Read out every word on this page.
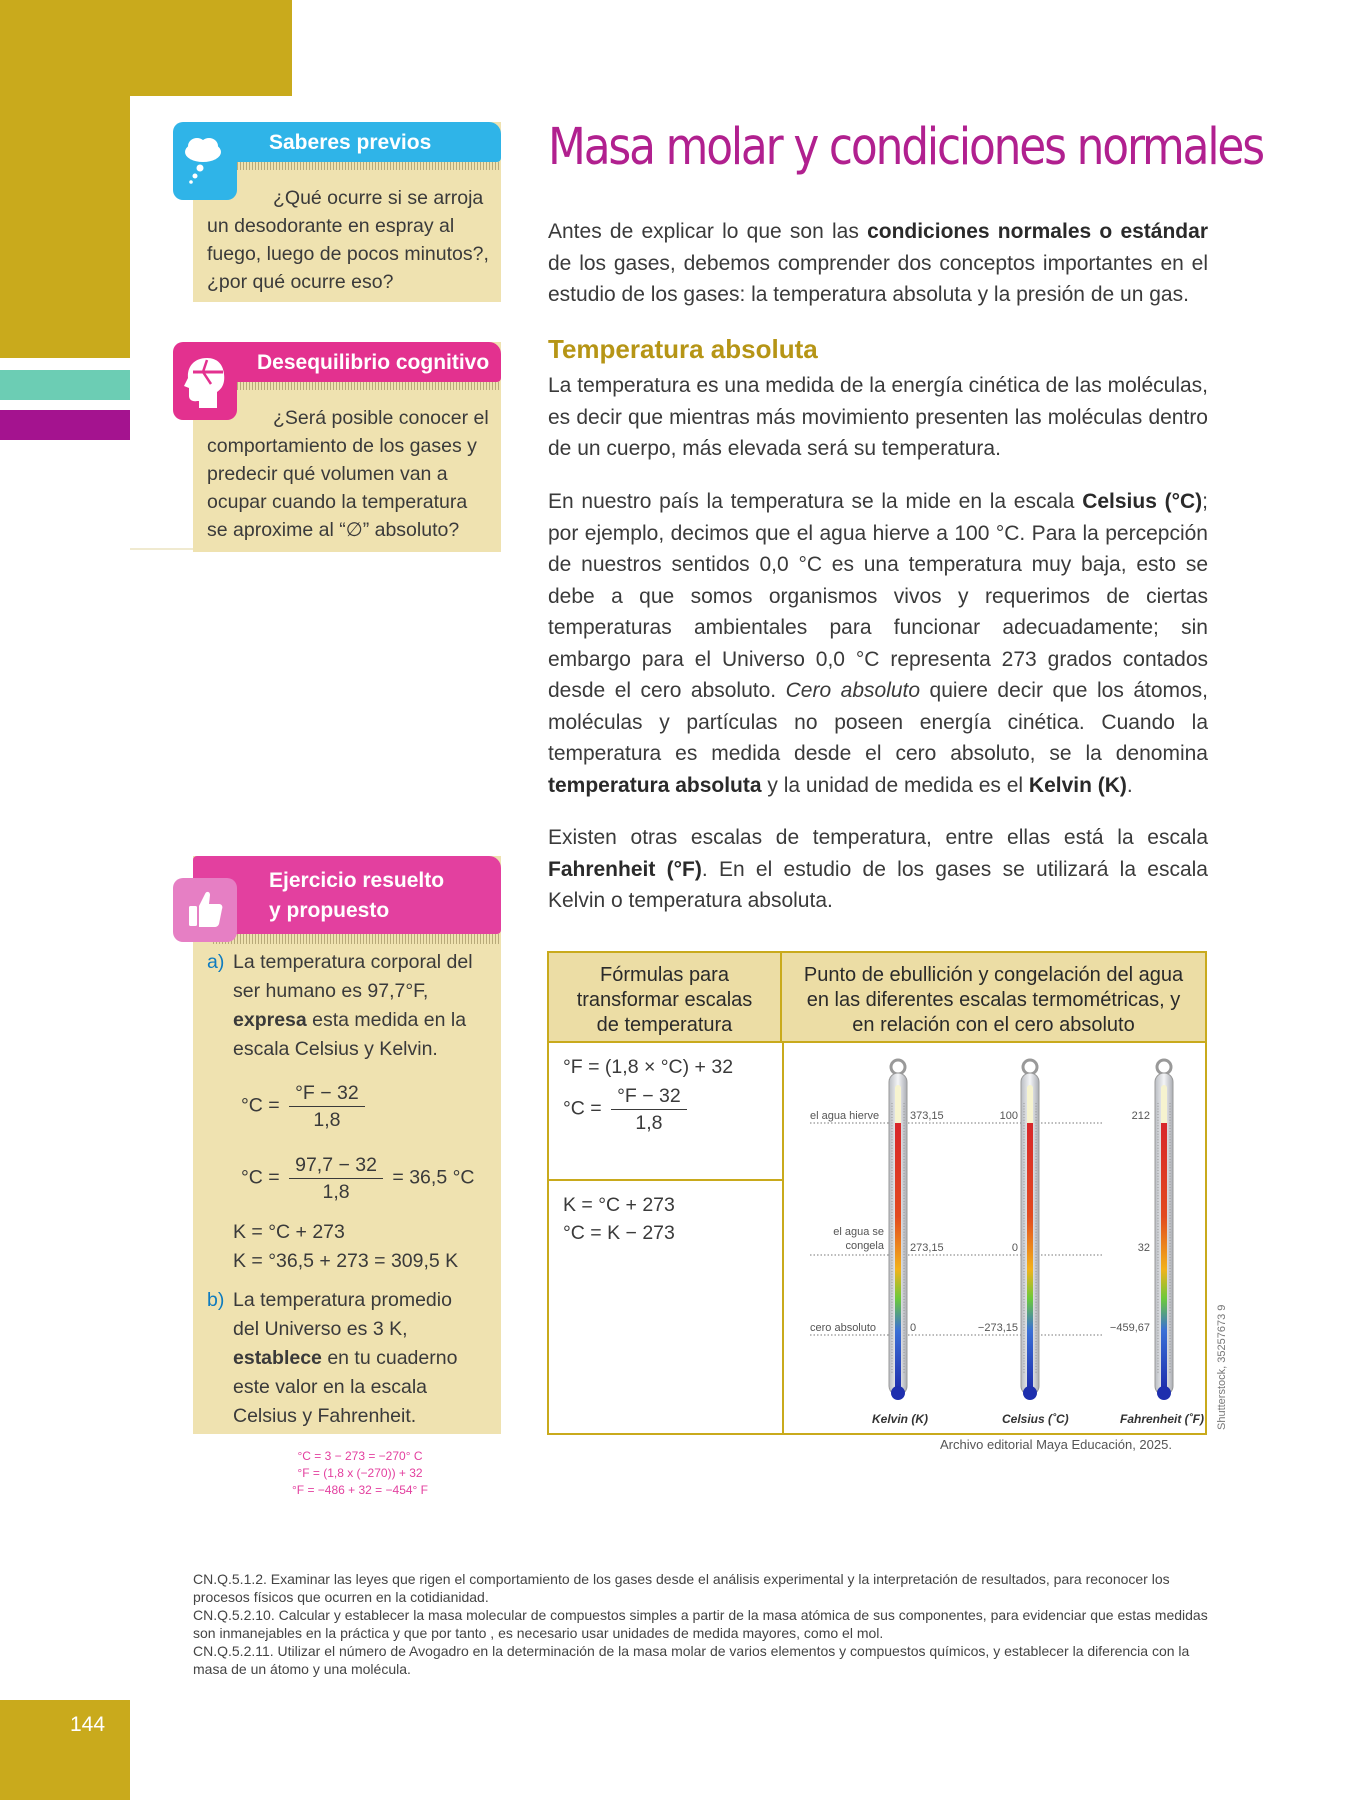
144
Saberes previos
¿Qué ocurre si se arroja un desodorante en espray al fuego, luego de pocos minutos?, ¿por qué ocurre eso?
Desequilibrio cognitivo
¿Será posible conocer el comportamiento de los gases y predecir qué volumen van a ocupar cuando la temperatura se aproxime al “∅” absoluto?
Ejercicio resuelto
y propuesto
a) La temperatura corporal del ser humano es 97,7°F, expresa esta medida en la escala Celsius y Kelvin.
$^\circ C = \frac{^\circ F - 32}{1,8}$
$^\circ C = \frac{97,7 - 32}{1,8} = 36,5$ °C
K = °C + 273
K = °36,5 + 273 = 309,5 K
b) La temperatura promedio del Universo es 3 K, establece en tu cuaderno este valor en la escala Celsius y Fahrenheit.
°C = 3 − 273 = −270° C
°F = (1,8 x (−270)) + 32
°F = −486 + 32 = −454° F
Masa molar y condiciones normales
Antes de explicar lo que son las condiciones normales o estándar de los gases, debemos comprender dos conceptos importantes en el estudio de los gases: la temperatura absoluta y la presión de un gas.
Temperatura absoluta
La temperatura es una medida de la energía cinética de las moléculas, es decir que mientras más movimiento presenten las moléculas dentro de un cuerpo, más elevada será su temperatura.
En nuestro país la temperatura se la mide en la escala Celsius (°C); por ejemplo, decimos que el agua hierve a 100 °C. Para la percepción de nuestros sentidos 0,0 °C es una temperatura muy baja, esto se debe a que somos organismos vivos y requerimos de ciertas temperaturas ambientales para funcionar adecuadamente; sin embargo para el Universo 0,0 °C representa 273 grados contados desde el cero absoluto. Cero absoluto quiere decir que los átomos, moléculas y partículas no poseen energía cinética. Cuando la temperatura es medida desde el cero absoluto, se la denomina temperatura absoluta y la unidad de medida es el Kelvin (K).
Existen otras escalas de temperatura, entre ellas está la escala Fahrenheit (°F). En el estudio de los gases se utilizará la escala Kelvin o temperatura absoluta.
Fórmulas para transformar escalas de temperatura
Punto de ebullición y congelación del agua en las diferentes escalas termométricas, y en relación con el cero absoluto
°F = (1,8 × °C) + 32
$^\circ C = \frac{^\circ F - 32}{1,8}$
K = °C + 273
°C = K − 273
el agua hierve
el agua se
congela
cero absoluto
373,15
273,15
0
Kelvin (K)
100
0
−273,15
Celsius (˚C)
212
32
−459,67
Fahrenheit (˚F)
Archivo editorial Maya Educación, 2025.
Shutterstock, 35257673 9
CN.Q.5.1.2. Examinar las leyes que rigen el comportamiento de los gases desde el análisis experimental y la interpretación de resultados, para reconocer los procesos físicos que ocurren en la cotidianidad.
CN.Q.5.2.10. Calcular y establecer la masa molecular de compuestos simples a partir de la masa atómica de sus componentes, para evidenciar que estas medidas son inmanejables en la práctica y que por tanto , es necesario usar unidades de medida mayores, como el mol.
CN.Q.5.2.11. Utilizar el número de Avogadro en la determinación de la masa molar de varios elementos y compuestos químicos, y establecer la diferencia con la masa de un átomo y una molécula.
